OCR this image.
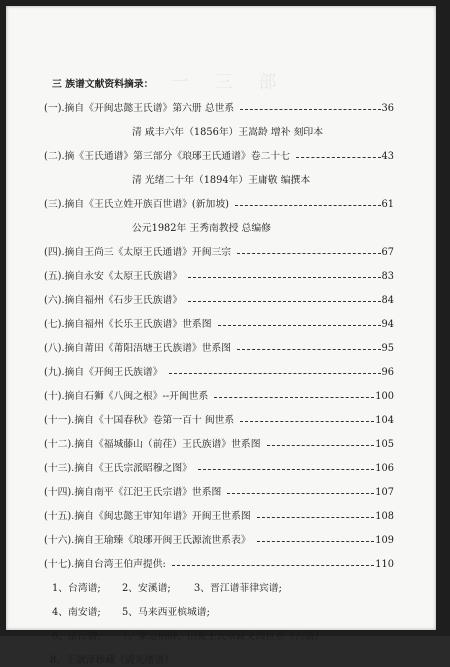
一 三 部
三 族谱文献资料摘录：
(一).摘自《开闽忠懿王氏谱》第六册 总世系	36
清 咸丰六年（1856年）王嵩龄 增补 刻印本
(二).摘《王氏通谱》第三部分《琅琊王氏通谱》卷二十七	43
清 光绪二十年（1894年）王庸敬 编撰本
(三).摘自《王氏立姓开族百世谱》(新加坡)	61
公元1982年 王秀南教授 总编修
(四).摘自王尚三《太原王氏通谱》开闽三宗	67
(五).摘自永安《太原王氏族谱》	83
(六).摘自福州《石步王氏族谱》	84
(七).摘自福州《长乐王氏族谱》世系图	94
(八).摘自莆田《莆阳浯塘王氏族谱》世系图	95
(九).摘自《开闽王氏族谱》	96
(十).摘自石狮《八闽之根》--开闽世系	100
(十一).摘自《十国春秋》卷第一百十 闽世系	104
(十二).摘自《福城藤山（前荏）王氏族谱》世系图	105
(十三).摘自《王氏宗派昭穆之图》	106
(十四).摘自南平《江汜王氏宗谱》世系图	107
(十五).摘自《闽忠懿王审知年谱》开闽王世系图	108
(十六).摘自王瑜臻《琅琊开闽王氏源流世系表》	109
(十七).摘自台湾王伯声提供:	110
1、台湾谱;	2、安溪谱;	3、晋江谱菲律宾谱;
4、南安谱;	5、马来西亚槟城谱;
6、浙江谱;	7、象运柄卿、田黄王氏水源支图世系（古谱）
8、王演泽珍藏（清光绪谱）
